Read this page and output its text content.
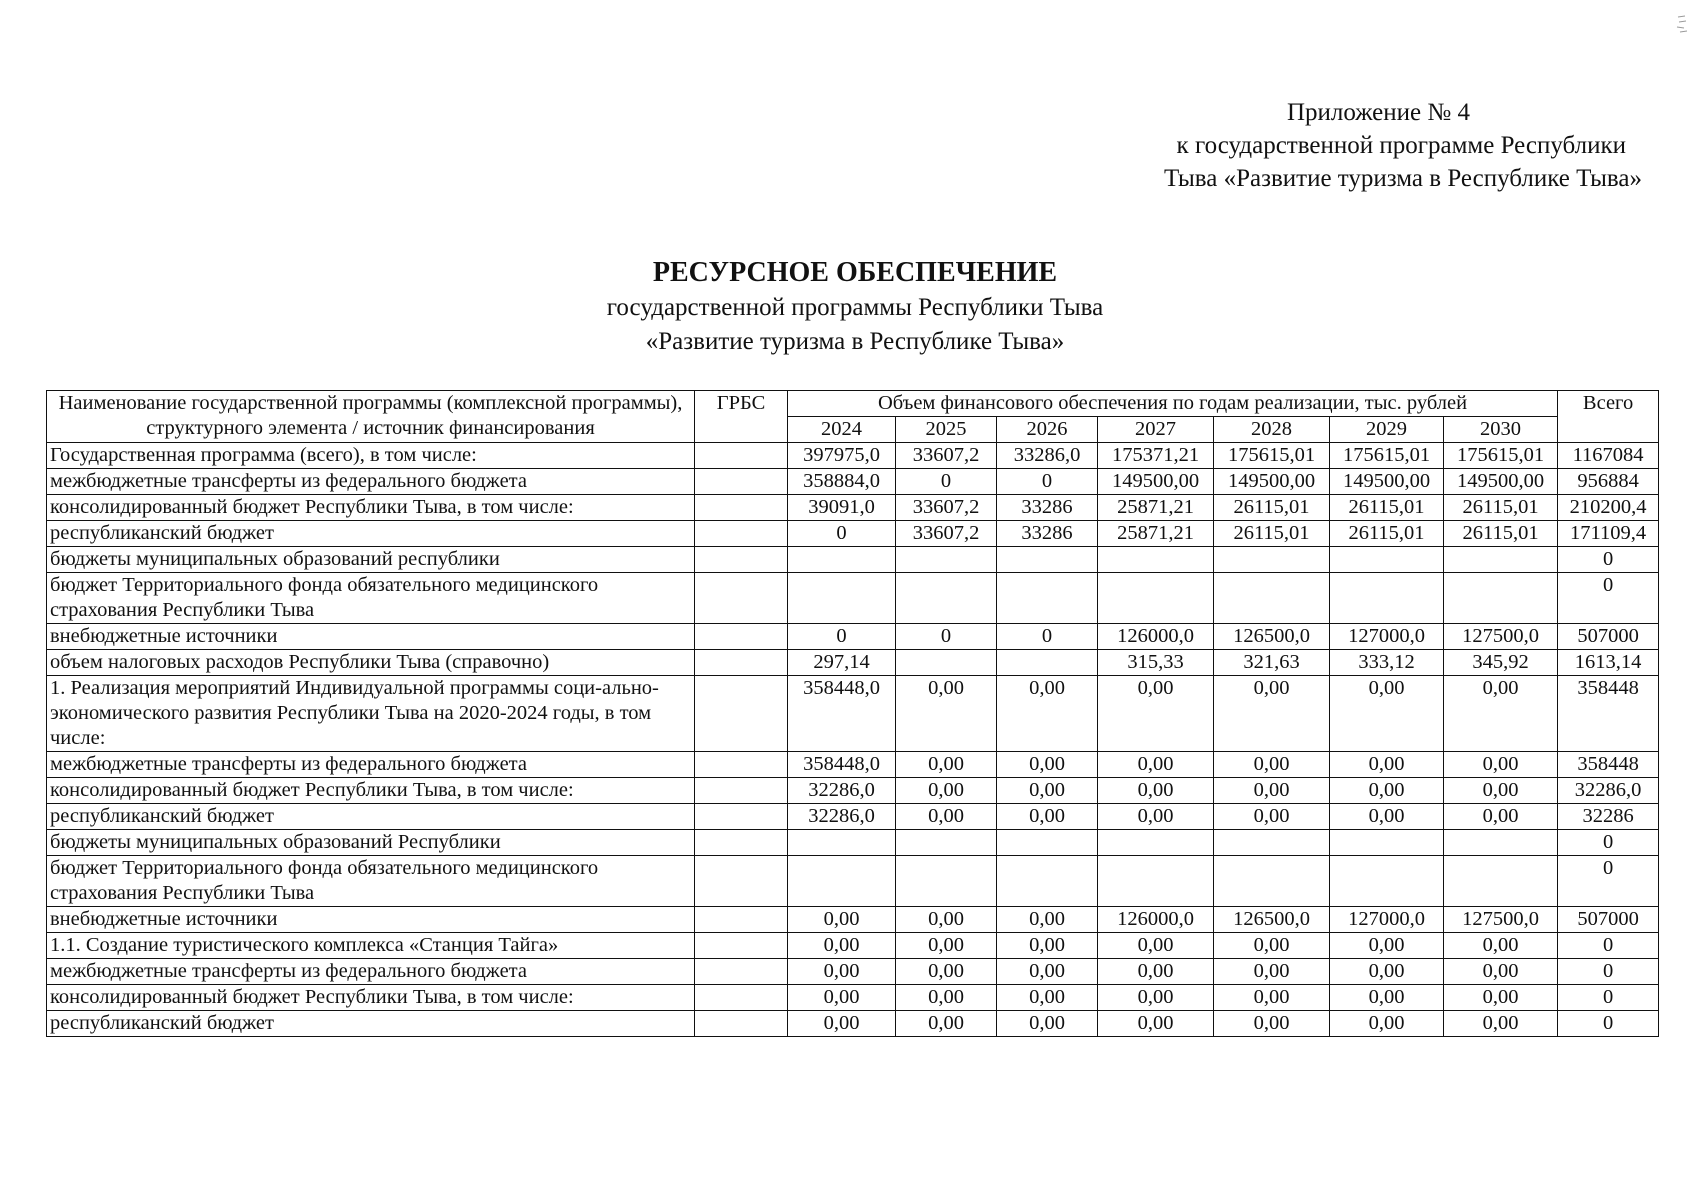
Приложение № 4
к государственной программе Республики
Тыва «Развитие туризма в Республике Тыва»
РЕСУРСНОЕ ОБЕСПЕЧЕНИЕ
государственной программы Республики Тыва
«Развитие туризма в Республике Тыва»
Наименование государственной программы (комплексной программы), структурного элемента / источник финансирования	ГРБС	Объем финансового обеспечения по годам реализации, тыс. рублей							Всего
		2024	2025	2026	2027	2028	2029	2030	
Государственная программа (всего), в том числе:		397975,0	33607,2	33286,0	175371,21	175615,01	175615,01	175615,01	1167084
межбюджетные трансферты из федерального бюджета		358884,0	0	0	149500,00	149500,00	149500,00	149500,00	956884
консолидированный бюджет Республики Тыва, в том числе:		39091,0	33607,2	33286	25871,21	26115,01	26115,01	26115,01	210200,4
республиканский бюджет		0	33607,2	33286	25871,21	26115,01	26115,01	26115,01	171109,4
бюджеты муниципальных образований республики									0
бюджет Территориального фонда обязательного медицинского страхования Республики Тыва									0
внебюджетные источники		0	0	0	126000,0	126500,0	127000,0	127500,0	507000
объем налоговых расходов Республики Тыва (справочно)		297,14			315,33	321,63	333,12	345,92	1613,14
1. Реализация мероприятий Индивидуальной программы соци-ально-экономического развития Республики Тыва на 2020-2024 годы, в том числе:		358448,0	0,00	0,00	0,00	0,00	0,00	0,00	358448
межбюджетные трансферты из федерального бюджета		358448,0	0,00	0,00	0,00	0,00	0,00	0,00	358448
консолидированный бюджет Республики Тыва, в том числе:		32286,0	0,00	0,00	0,00	0,00	0,00	0,00	32286,0
республиканский бюджет		32286,0	0,00	0,00	0,00	0,00	0,00	0,00	32286
бюджеты муниципальных образований Республики									0
бюджет Территориального фонда обязательного медицинского страхования Республики Тыва									0
внебюджетные источники		0,00	0,00	0,00	126000,0	126500,0	127000,0	127500,0	507000
1.1. Создание туристического комплекса «Станция Тайга»		0,00	0,00	0,00	0,00	0,00	0,00	0,00	0
межбюджетные трансферты из федерального бюджета		0,00	0,00	0,00	0,00	0,00	0,00	0,00	0
консолидированный бюджет Республики Тыва, в том числе:		0,00	0,00	0,00	0,00	0,00	0,00	0,00	0
республиканский бюджет		0,00	0,00	0,00	0,00	0,00	0,00	0,00	0
